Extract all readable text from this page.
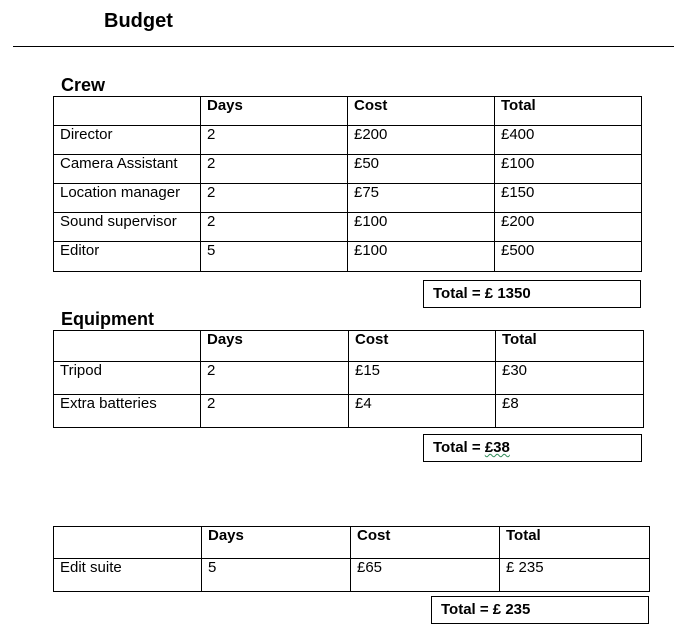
Budget
Crew
	Days	Cost	Total
Director	2	£200	£400
Camera Assistant	2	£50	£100
Location manager	2	£75	£150
Sound supervisor	2	£100	£200
Editor	5	£100	£500
Total = £ 1350
Equipment
	Days	Cost	Total
Tripod	2	£15	£30
Extra batteries	2	£4	£8
Total = £38
	Days	Cost	Total
Edit suite	5	£65	£ 235
Total = £ 235
